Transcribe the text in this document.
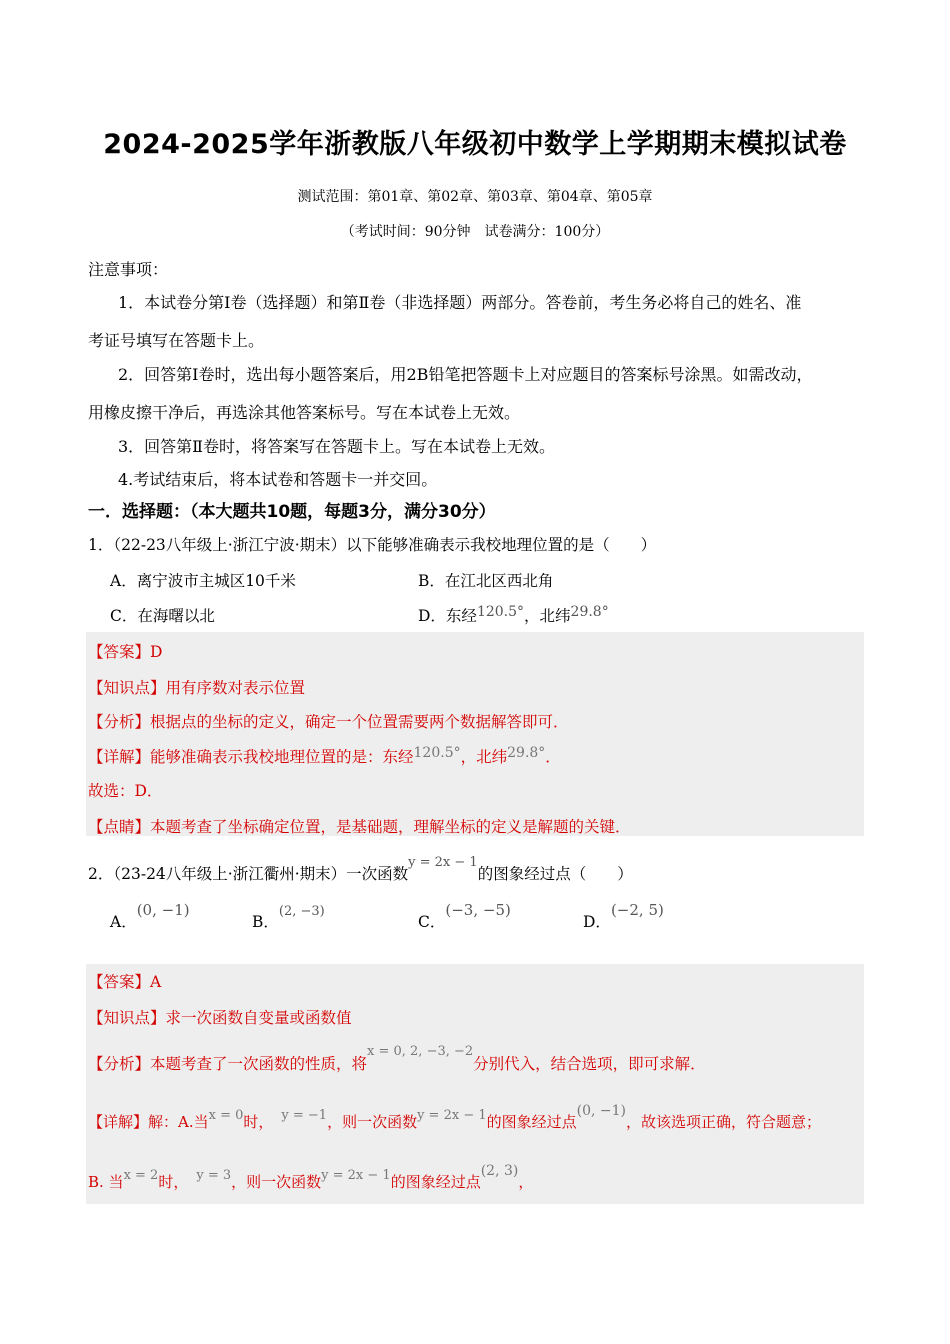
2024-2025学年浙教版八年级初中数学上学期期末模拟试卷
测试范围：第01章、第02章、第03章、第04章、第05章
（考试时间：90分钟　试卷满分：100分）
注意事项：
1．本试卷分第Ⅰ卷（选择题）和第Ⅱ卷（非选择题）两部分。答卷前，考生务必将自己的姓名、准
考证号填写在答题卡上。
2．回答第Ⅰ卷时，选出每小题答案后，用2B铅笔把答题卡上对应题目的答案标号涂黑。如需改动，
用橡皮擦干净后，再选涂其他答案标号。写在本试卷上无效。
3．回答第Ⅱ卷时，将答案写在答题卡上。写在本试卷上无效。
4.考试结束后，将本试卷和答题卡一并交回。
一．选择题：（本大题共10题，每题3分，满分30分）
1．（22-23八年级上·浙江宁波·期末）以下能够准确表示我校地理位置的是（　　）
A．离宁波市主城区10千米	B．在江北区西北角
C．在海曙以北	D．东经120.5°，北纬29.8°
【答案】D
【知识点】用有序数对表示位置
【分析】根据点的坐标的定义，确定一个位置需要两个数据解答即可．
【详解】能够准确表示我校地理位置的是：东经120.5°，北纬29.8°．
故选：D．
【点睛】本题考查了坐标确定位置，是基础题，理解坐标的定义是解题的关键．
2．（23-24八年级上·浙江衢州·期末）一次函数$^{y = 2x - 1}$的图象经过点（　　）
A．(0, −1)
B．$^{(2, -3)}$
C．(−3, −5)
D．(−2, 5)
【答案】A
【知识点】求一次函数自变量或函数值
【分析】本题考查了一次函数的性质，将$^{x = 0, 2, -3, -2}$分别代入，结合选项，即可求解．
【详解】解：A.当x = 0时， y = −1，则一次函数y = 2x − 1的图象经过点(0, −1)，故该选项正确，符合题意；
B. 当x = 2时， y = 3，则一次函数y = 2x − 1的图象经过点(2, 3)，
